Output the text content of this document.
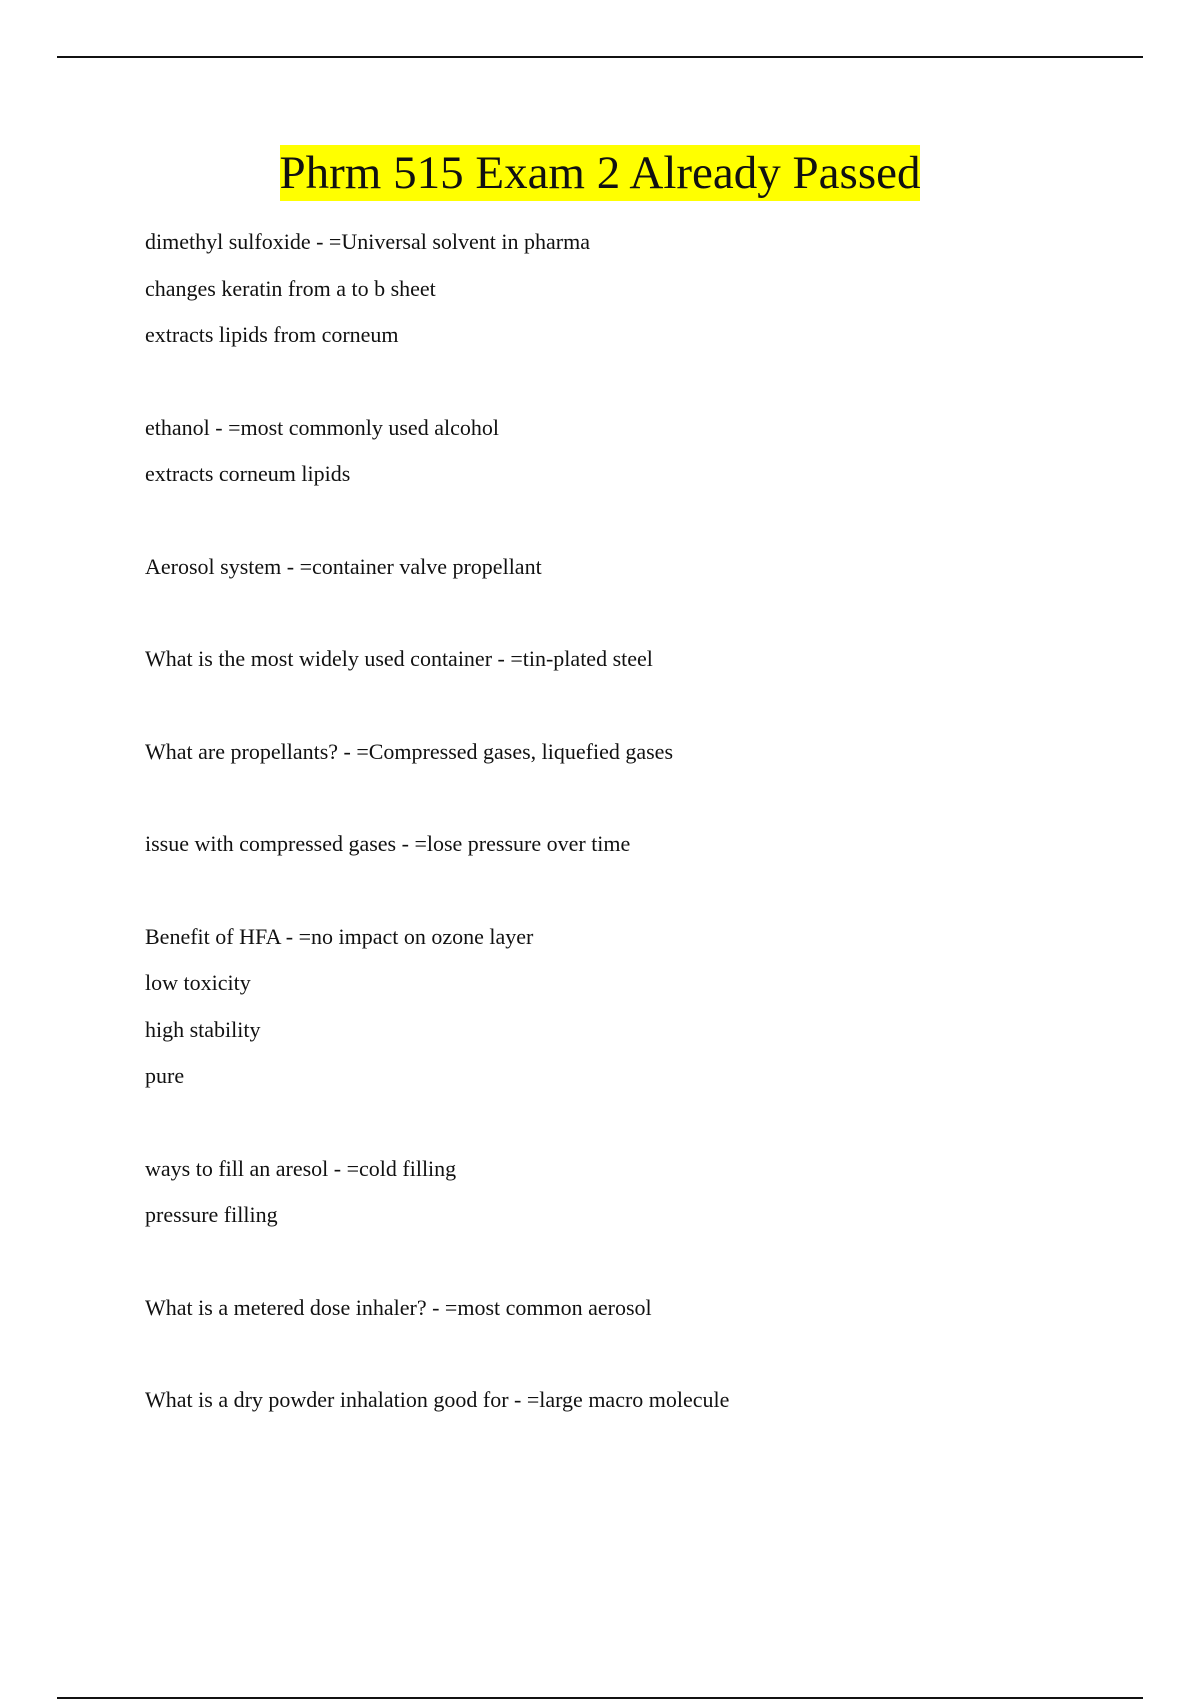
Phrm 515 Exam 2 Already Passed
dimethyl sulfoxide - =Universal solvent in pharma
changes keratin from a to b sheet
extracts lipids from corneum
ethanol - =most commonly used alcohol
extracts corneum lipids
Aerosol system - =container valve propellant
What is the most widely used container - =tin-plated steel
What are propellants? - =Compressed gases, liquefied gases
issue with compressed gases - =lose pressure over time
Benefit of HFA - =no impact on ozone layer
low toxicity
high stability
pure
ways to fill an aresol - =cold filling
pressure filling
What is a metered dose inhaler? - =most common aerosol
What is a dry powder inhalation good for - =large macro molecule
